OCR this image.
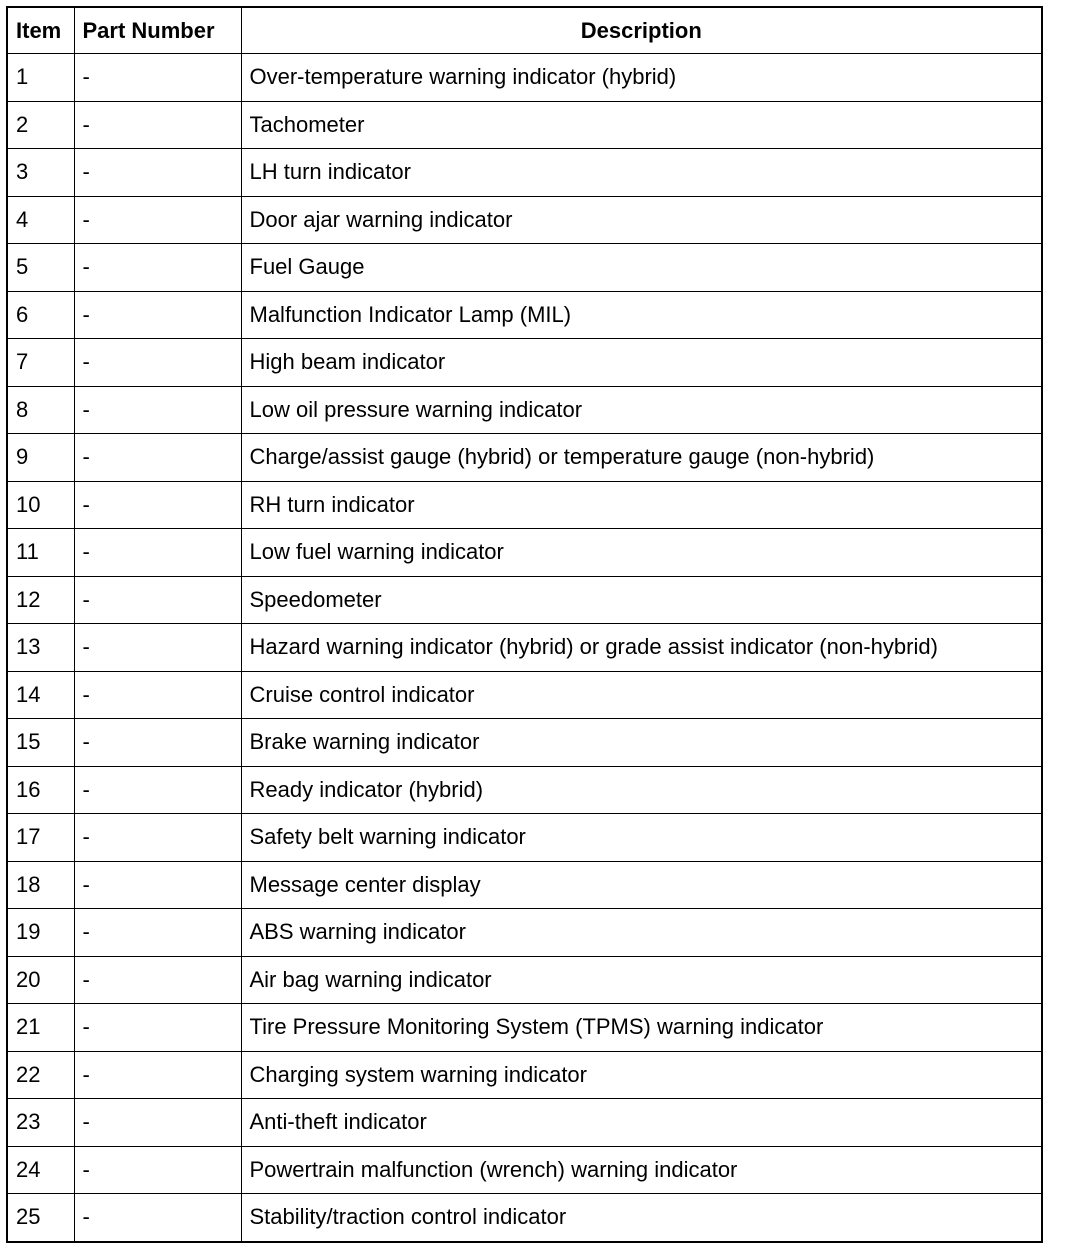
Item	Part Number	Description
1	-	Over-temperature warning indicator (hybrid)
2	-	Tachometer
3	-	LH turn indicator
4	-	Door ajar warning indicator
5	-	Fuel Gauge
6	-	Malfunction Indicator Lamp (MIL)
7	-	High beam indicator
8	-	Low oil pressure warning indicator
9	-	Charge/assist gauge (hybrid) or temperature gauge (non-hybrid)
10	-	RH turn indicator
11	-	Low fuel warning indicator
12	-	Speedometer
13	-	Hazard warning indicator (hybrid) or grade assist indicator (non-hybrid)
14	-	Cruise control indicator
15	-	Brake warning indicator
16	-	Ready indicator (hybrid)
17	-	Safety belt warning indicator
18	-	Message center display
19	-	ABS warning indicator
20	-	Air bag warning indicator
21	-	Tire Pressure Monitoring System (TPMS) warning indicator
22	-	Charging system warning indicator
23	-	Anti-theft indicator
24	-	Powertrain malfunction (wrench) warning indicator
25	-	Stability/traction control indicator
